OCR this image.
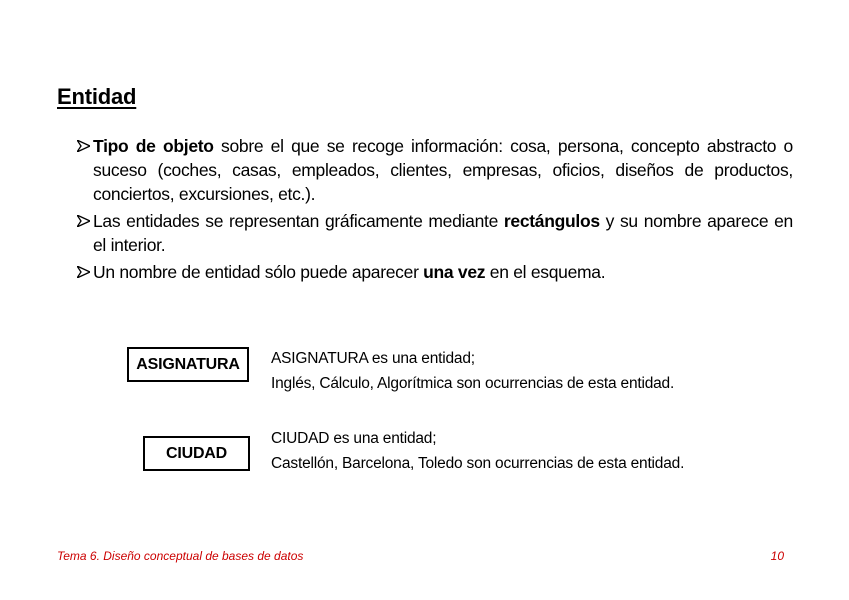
Entidad
Tipo de objeto sobre el que se recoge información: cosa, persona, concepto abstracto o suceso (coches, casas, empleados, clientes, empresas, oficios, diseños de productos, conciertos, excursiones, etc.).
Las entidades se representan gráficamente mediante rectángulos y su nombre aparece en el interior.
Un nombre de entidad sólo puede aparecer una vez en el esquema.
ASIGNATURA ASIGNATURA es una entidad;
Inglés, Cálculo, Algorítmica son ocurrencias de esta entidad.
CIUDAD
CIUDAD es una entidad;
Castellón, Barcelona, Toledo son ocurrencias de esta entidad.
Tema 6. Diseño conceptual de bases de datos	10
